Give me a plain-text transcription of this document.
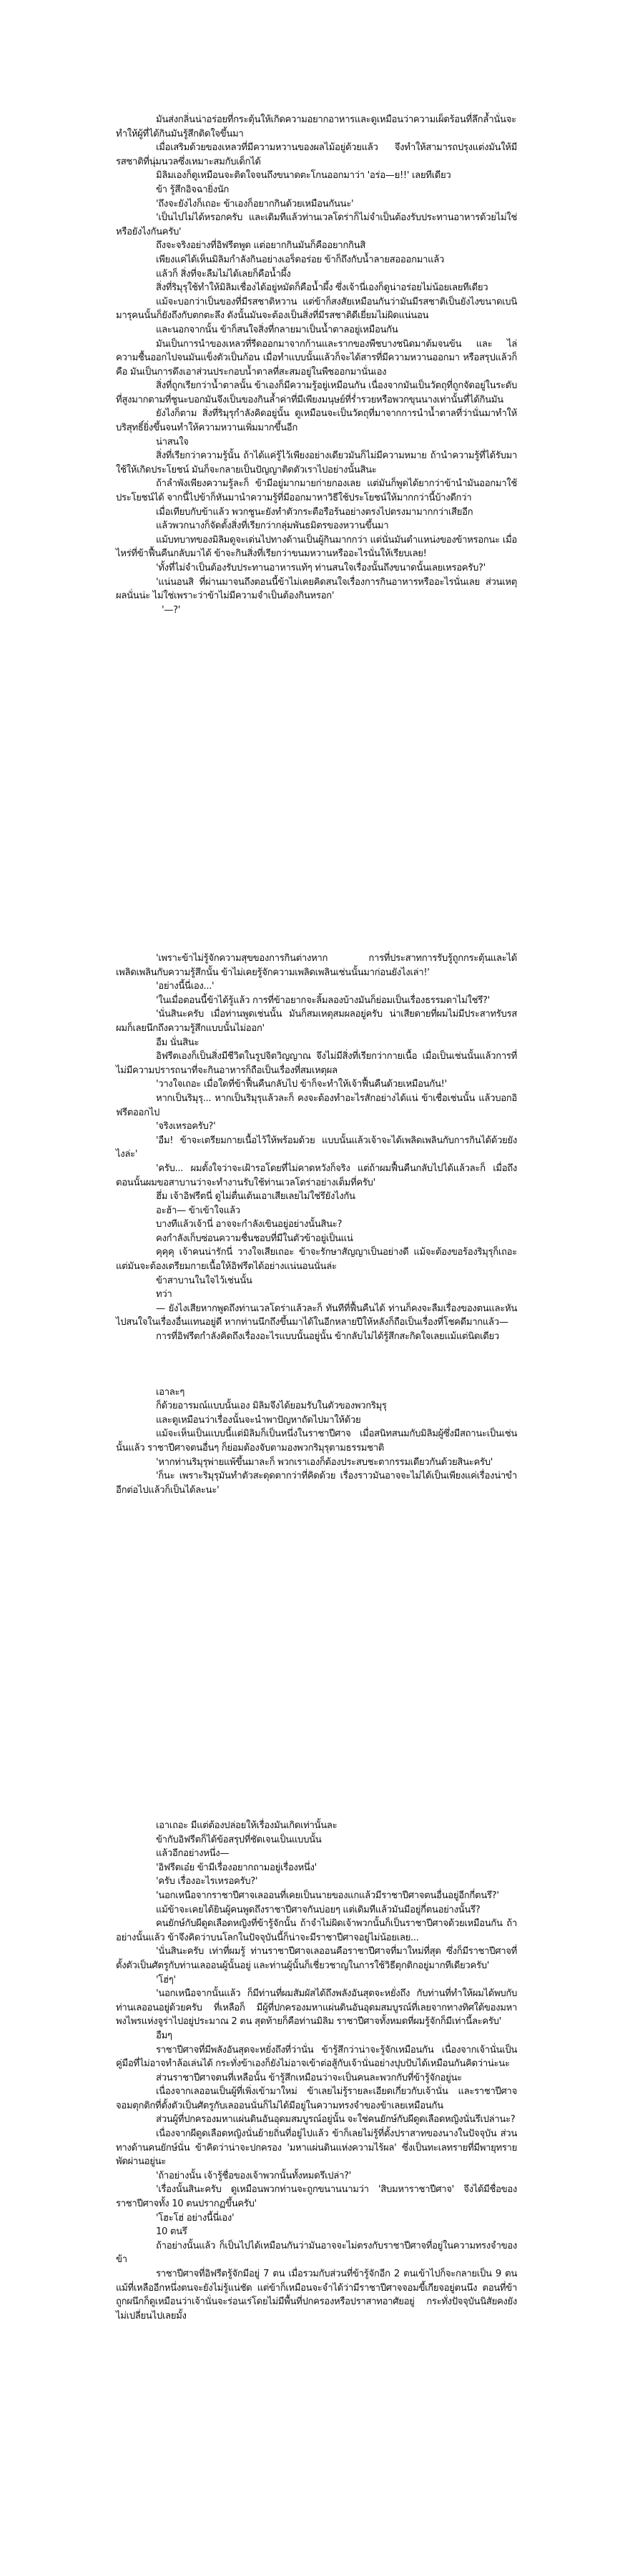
มันส่งกลิ่นน่าอร่อยที่กระตุ้นให้เกิดความอยากอาหารและดูเหมือนว่าความเผ็ดร้อนที่ลึกล้ำนั่นจะทำให้ผู้ที่ได้กินมันรู้สึกติดใจขึ้นมา

เมื่อเสริมด้วยของเหลวที่มีความหวานของผลไม้อยู่ด้วยแล้ว จึงทำให้สามารถปรุงแต่งมันให้มีรสชาติที่นุ่มนวลซึ่งเหมาะสมกับเด็กได้

มิลิมเองก็ดูเหมือนจะติดใจจนถึงขนาดตะโกนออกมาว่า 'อร่อ—ย!!' เลยทีเดียว

ข้า รู้สึกอิจฉายิ่งนัก

'ถึงจะยังไงก็เถอะ ข้าเองก็อยากกินด้วยเหมือนกันนะ'

'เป็นไปไม่ได้หรอกครับ และเดิมทีแล้วท่านเวลโดร่าก็ไม่จำเป็นต้องรับประทานอาหารด้วยไม่ใช่หรือยังไงกันครับ'

ถึงจะจริงอย่างที่อิฟรีตพูด แต่อยากกินมันก็คืออยากกินสิ

เพียงแค่ได้เห็นมิลิมกำลังกินอย่างเอร็ดอร่อย ข้าก็ถึงกับน้ำลายสอออกมาแล้ว

แล้วก็ สิ่งที่จะลืมไม่ได้เลยก็คือน้ำผึ้ง

สิ่งที่ริมุรุใช้ทำให้มิลิมเชื่องได้อยู่หมัดก็คือน้ำผึ้ง ซึ่งเจ้านี่เองก็ดูน่าอร่อยไม่น้อยเลยทีเดียว

แม้จะบอกว่าเป็นของที่มีรสชาติหวาน แต่ข้าก็สงสัยเหมือนกันว่ามันมีรสชาติเป็นยังไงขนาดเบนิมารุคนนั้นก็ยังถึงกับตกตะลึง ดังนั้นมันจะต้องเป็นสิ่งที่มีรสชาติดีเยี่ยมไม่ผิดแน่นอน

และนอกจากนั้น ข้าก็สนใจสิ่งที่กลายมาเป็นน้ำตาลอยู่เหมือนกัน

มันเป็นการนำของเหลวที่รีดออกมาจากก้านและรากของพืชบางชนิดมาต้มจนข้น และ ไล่ความชื้นออกไปจนมันแข็งตัวเป็นก้อน เมื่อทำแบบนั้นแล้วก็จะได้สารที่มีความหวานออกมา หรือสรุปแล้วก็คือ มันเป็นการดึงเอาส่วนประกอบน้ำตาลที่สะสมอยู่ในพืชออกมานั่นเอง

สิ่งที่ถูกเรียกว่าน้ำตาลนั้น ข้าเองก็มีความรู้อยู่เหมือนกัน เนื่องจากมันเป็นวัตถุที่ถูกจัดอยู่ในระดับที่สูงมากตามที่ชูนะบอกมันจึงเป็นของกินล้ำค่าที่มีเพียงมนุษย์ที่ร่ำรวยหรือพวกขุนนางเท่านั้นที่ได้กินมัน

ยังไงก็ตาม สิ่งที่ริมุรุกำลังคิดอยู่นั้น ดูเหมือนจะเป็นวัตถุที่มาจากการนำน้ำตาลที่ว่านั่นมาทำให้บริสุทธิ์ยิ่งขึ้นจนทำให้ความหวานเพิ่มมากขึ้นอีก

น่าสนใจ

สิ่งที่เรียกว่าความรู้นั้น ถ้าได้แค่รู้ไว้เพียงอย่างเดียวมันก็ไม่มีความหมาย ถ้านำความรู้ที่ได้รับมาใช้ให้เกิดประโยชน์ มันก็จะกลายเป็นปัญญาติดตัวเราไปอย่างนั้นสินะ

ถ้าลำพังเพียงความรู้ละก็ ข้ามีอยู่มากมายก่ายกองเลย แต่มันก็พูดได้ยากว่าข้านำมันออกมาใช้ประโยชน์ได้ จากนี้ไปข้าก็หันมานำความรู้ที่มีออกมาหาวิธีใช้ประโยชน์ให้มากกว่านี้บ้างดีกว่า

เมื่อเทียบกับข้าแล้ว พวกชูนะยังทำตัวกระตือรือร้นอย่างตรงไปตรงมามากกว่าเสียอีก

แล้วพวกนางก็จัดตั้งสิ่งที่เรียกว่ากลุ่มพันธมิตรของหวานขึ้นมา

แม้บทบาทของมิลิมดูจะเด่นไปทางด้านเป็นผู้กินมากกว่า แต่นั่นมันตำแหน่งของข้าหรอกนะ เมื่อไหร่ที่ข้าฟื้นคืนกลับมาได้ ข้าจะกินสิ่งที่เรียกว่าขนมหวานหรืออะไรนั่นให้เรียบเลย!

'ทั้งที่ไม่จำเป็นต้องรับประทานอาหารแท้ๆ ท่านสนใจเรื่องนั้นถึงขนาดนั้นเลยเหรอครับ?'

'แน่นอนสิ ที่ผ่านมาจนถึงตอนนี้ข้าไม่เคยคิดสนใจเรื่องการกินอาหารหรืออะไรนั่นเลย ส่วนเหตุผลนั่นน่ะ ไม่ใช่เพราะว่าข้าไม่มีความจำเป็นต้องกินหรอก'

'—?'

'เพราะข้าไม่รู้จักความสุขของการกินต่างหาก การที่ประสาทการรับรู้ถูกกระตุ้นและได้เพลิดเพลินกับความรู้สึกนั้น ข้าไม่เคยรู้จักความเพลิดเพลินเช่นนั้นมาก่อนยังไงเล่า!'

'อย่างนี้นี่เอง...'

'ในเมื่อตอนนี้ข้าได้รู้แล้ว การที่ข้าอยากจะลิ้มลองบ้างมันก็ย่อมเป็นเรื่องธรรมดาไม่ใช่รึ?'

'นั่นสินะครับ เมื่อท่านพูดเช่นนั้น มันก็สมเหตุสมผลอยู่ครับ น่าเสียดายที่ผมไม่มีประสาทรับรส ผมก็เลยนึกถึงความรู้สึกแบบนั้นไม่ออก'

อืม นั่นสินะ

อิฟรีตเองก็เป็นสิ่งมีชีวิตในรูปจิตวิญญาณ จึงไม่มีสิ่งที่เรียกว่ากายเนื้อ เมื่อเป็นเช่นนั้นแล้วการที่ไม่มีความปรารถนาที่จะกินอาหารก็ถือเป็นเรื่องที่สมเหตุผล

'วางใจเถอะ เมื่อใดที่ข้าฟื้นคืนกลับไป ข้าก็จะทำให้เจ้าฟื้นคืนด้วยเหมือนกัน!'

หากเป็นริมุรุ... หากเป็นริมุรุแล้วละก็ คงจะต้องทำอะไรสักอย่างได้แน่ ข้าเชื่อเช่นนั้น แล้วบอกอิฟรีตออกไป

'จริงเหรอครับ?'

'อืม! ข้าจะเตรียมกายเนื้อไว้ให้พร้อมด้วย แบบนั้นแล้วเจ้าจะได้เพลิดเพลินกับการกินได้ด้วยยังไงล่ะ'

'ครับ... ผมตั้งใจว่าจะเฝ้ารอโดยที่ไม่คาดหวังก็จริง แต่ถ้าผมฟื้นคืนกลับไปได้แล้วละก็ เมื่อถึงตอนนั้นผมขอสาบานว่าจะทำงานรับใช้ท่านเวลโดร่าอย่างเต็มที่ครับ'

ฮึ่ม เจ้าอิฟรีตนี่ ดูไม่ตื่นเต้นเอาเสียเลยไม่ใช่รึยังไงกัน

อะฮ้า— ข้าเข้าใจแล้ว

บางทีแล้วเจ้านี่ อาจจะกำลังเขินอยู่อย่างนั้นสินะ?

คงกำลังเก็บซ่อนความชื่นชอบที่มีในตัวข้าอยู่เป็นแน่

คุคุคุ เจ้าคนน่ารักนี่ วางใจเสียเถอะ ข้าจะรักษาสัญญาเป็นอย่างดี แม้จะต้องขอร้องริมุรุก็เถอะ แต่มันจะต้องเตรียมกายเนื้อให้อิฟรีตได้อย่างแน่นอนนั่นล่ะ

ข้าสาบานในใจไว้เช่นนั้น

ทว่า

— ยังไงเสียหากพูดถึงท่านเวลโดร่าแล้วละก็ ทันทีที่ฟื้นคืนได้ ท่านก็คงจะลืมเรื่องของตนและหันไปสนใจในเรื่องอื่นแทนอยู่ดี หากท่านนึกถึงขึ้นมาได้ในอีกหลายปีให้หลังก็ถือเป็นเรื่องที่โชคดีมากแล้ว—

การที่อิฟรีตกำลังคิดถึงเรื่องอะไรแบบนั้นอยู่นั้น ข้ากลับไม่ได้รู้สึกสะกิดใจเลยแม้แต่นิดเดียว

เอาละๆ

ก็ด้วยอารมณ์แบบนั้นเอง มิลิมจึงได้ยอมรับในตัวของพวกริมุรุ

และดูเหมือนว่าเรื่องนั้นจะนำพาปัญหาถัดไปมาให้ด้วย

แม้จะเห็นเป็นแบบนี้แต่มิลิมก็เป็นหนึ่งในราชาปีศาจ เมื่อสนิทสนมกับมิลิมผู้ซึ่งมีสถานะเป็นเช่นนั้นแล้ว ราชาปีศาจตนอื่นๆ ก็ย่อมต้องจับตามองพวกริมุรุตามธรรมชาติ

'หากท่านริมุรุพ่ายแพ้ขึ้นมาละก็ พวกเราเองก็ต้องประสบชะตากรรมเดียวกันด้วยสินะครับ'

'ก็นะ เพราะริมุรุมันทำตัวสะดุดตากว่าที่คิดด้วย เรื่องราวมันอาจจะไม่ได้เป็นเพียงแค่เรื่องน่าขำอีกต่อไปแล้วก็เป็นได้ละนะ'

เอาเถอะ มีแต่ต้องปล่อยให้เรื่องมันเกิดเท่านั้นละ

ข้ากับอิฟรีตก็ได้ข้อสรุปที่ชัดเจนเป็นแบบนั้น

แล้วอีกอย่างหนึ่ง—

'อิฟรีตเอ๋ย ข้ามีเรื่องอยากถามอยู่เรื่องหนึ่ง'

'ครับ เรื่องอะไรเหรอครับ?'

'นอกเหนือจากราชาปีศาจเลออนที่เคยเป็นนายของแกแล้วมีราชาปีศาจตนอื่นอยู่อีกกี่ตนรึ?'

แม้ข้าจะเคยได้ยินผู้คนพูดถึงราชาปีศาจกันบ่อยๆ แต่เดิมทีแล้วมันมีอยู่กี่ตนอย่างนั้นรึ?

คนยักษ์กับผีดูดเลือดหญิงที่ข้ารู้จักนั้น ถ้าจำไม่ผิดเจ้าพวกนั้นก็เป็นราชาปีศาจด้วยเหมือนกัน ถ้าอย่างนั้นแล้ว ข้าจึงคิดว่าบนโลกในปัจจุบันนี้ก็น่าจะมีราชาปีศาจอยู่ไม่น้อยเลย...

'นั่นสินะครับ เท่าที่ผมรู้ ท่านราชาปีศาจเลออนคือราชาปีศาจที่มาใหม่ที่สุด ซึ่งก็มีราชาปีศาจที่ตั้งตัวเป็นศัตรูกับท่านเลออนผู้นั้นอยู่ และท่านผู้นั้นก็เชี่ยวชาญในการใช้วิธีตุกติกอยู่มากทีเดียวครับ'

'โฮ่ๆ'

'นอกเหนือจากนั้นแล้ว ก็มีท่านที่ผมสัมผัสได้ถึงพลังอันสุดจะหยั่งถึง กับท่านที่ทำให้ผมได้พบกับท่านเลออนอยู่ด้วยครับ ที่เหลือก็ มีผู้ที่ปกครองมหาแผ่นดินอันอุดมสมบูรณ์ที่เลยจากทางทิศใต้ของมหาพงไพรแห่งจูร่าไปอยู่ประมาณ 2 ตน สุดท้ายก็คือท่านมิลิม ราชาปีศาจทั้งหมดที่ผมรู้จักก็มีเท่านี้ละครับ'

อืมๆ

ราชาปีศาจที่มีพลังอันสุดจะหยั่งถึงที่ว่านั่น ข้ารู้สึกว่าน่าจะรู้จักเหมือนกัน เนื่องจากเจ้านั่นเป็นคู่มือที่ไม่อาจทำล้อเล่นได้ กระทั่งข้าเองก็ยังไม่อาจเข้าต่อสู้กับเจ้านั่นอย่างปุบปับได้เหมือนกันคิดว่าน่ะนะ

ส่วนราชาปีศาจตนที่เหลือนั้น ข้ารู้สึกเหมือนว่าจะเป็นคนละพวกกับที่ข้ารู้จักอยู่นะ

เนื่องจากเลออนเป็นผู้ที่เพิ่งเข้ามาใหม่ ข้าเลยไม่รู้รายละเอียดเกี่ยวกับเจ้านั่น และราชาปีศาจจอมตุกติกที่ตั้งตัวเป็นศัตรูกับเลออนนั่นก็ไม่ได้มีอยู่ในความทรงจำของข้าเลยเหมือนกัน

ส่วนผู้ที่ปกครองมหาแผ่นดินอันอุดมสมบูรณ์อยู่นั้น จะใช่คนยักษ์กับผีดูดเลือดหญิงนั่นรึเปล่านะ?

เนื่องจากผีดูดเลือดหญิงนั่นย้ายถิ่นที่อยู่ไปแล้ว ข้าก็เลยไม่รู้ที่ตั้งปราสาทของนางในปัจจุบัน ส่วนทางด้านคนยักษ์นั่น ข้าคิดว่าน่าจะปกครอง 'มหาแผ่นดินแห่งความไร้ผล' ซึ่งเป็นทะเลทรายที่มีพายุทรายพัดผ่านอยู่นะ

'ถ้าอย่างนั้น เจ้ารู้ชื่อของเจ้าพวกนั้นทั้งหมดรึเปล่า?'

'เรื่องนั้นสินะครับ ดูเหมือนพวกท่านจะถูกขนานนามว่า 'สิบมหาราชาปีศาจ' จึงได้มีชื่อของราชาปีศาจทั้ง 10 ตนปรากฏขึ้นครับ'

'โฮะโฮ่ อย่างนี้นี่เอง'

10 ตนรึ

ถ้าอย่างนั้นแล้ว ก็เป็นไปได้เหมือนกันว่ามันอาจจะไม่ตรงกับราชาปีศาจที่อยู่ในความทรงจำของข้า

ราชาปีศาจที่อิฟรีตรู้จักมีอยู่ 7 ตน เมื่อรวมกับส่วนที่ข้ารู้จักอีก 2 ตนเข้าไปก็จะกลายเป็น 9 ตน แม้ที่เหลืออีกหนึ่งตนจะยังไม่รู้แน่ชัด แต่ข้าก็เหมือนจะจำได้ว่ามีราชาปีศาจจอมขี้เกียจอยู่ตนนึง ตอนที่ข้าถูกผนึกก็ดูเหมือนว่าเจ้านั่นจะร่อนเร่โดยไม่มีพื้นที่ปกครองหรือปราสาทอาศัยอยู่ กระทั่งปัจจุบันนิสัยคงยังไม่เปลี่ยนไปเลยมั้ง
